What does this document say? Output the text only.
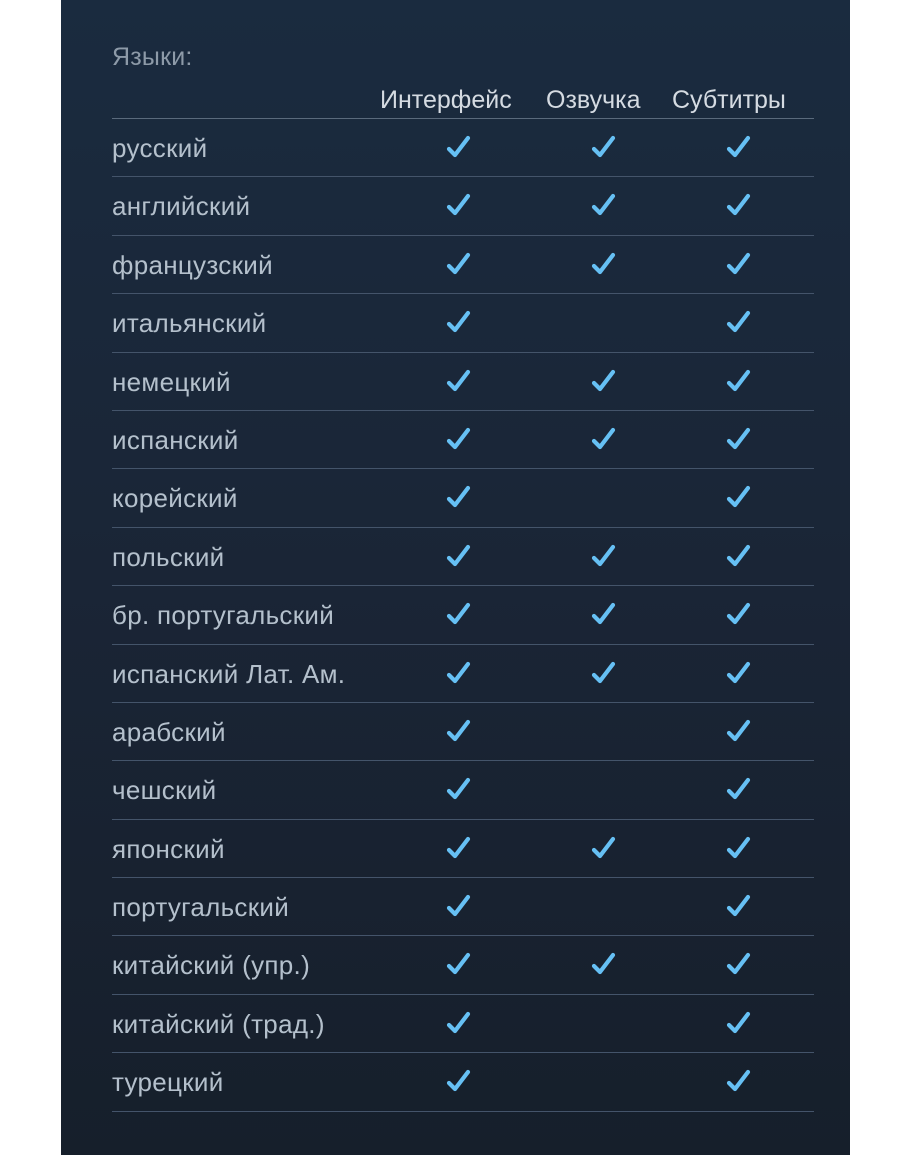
Языки:
Интерфейс Озвучка Субтитры
русский
английский
французский
итальянский
немецкий
испанский
корейский
польский
бр. португальский
испанский Лат. Ам.
арабский
чешский
японский
португальский
китайский (упр.)
китайский (трад.)
турецкий
